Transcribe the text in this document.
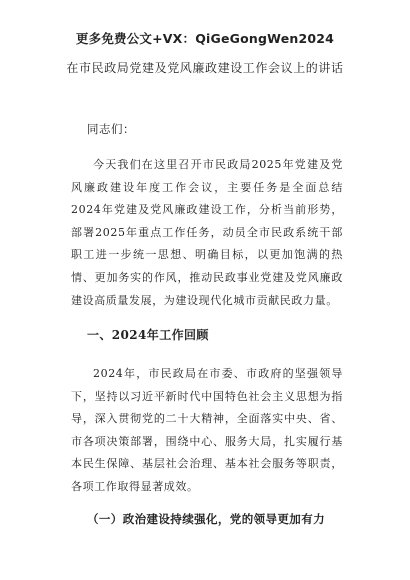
更多免费公文+VX：QiGeGongWen2024
在市民政局党建及党风廉政建设工作会议上的讲话
同志们：

今天我们在这里召开市民政局2025年党建及党风廉政建设年度工作会议，主要任务是全面总结2024年党建及党风廉政建设工作，分析当前形势，部署2025年重点工作任务，动员全市民政系统干部职工进一步统一思想、明确目标，以更加饱满的热情、更加务实的作风，推动民政事业党建及党风廉政建设高质量发展，为建设现代化城市贡献民政力量。

一、2024年工作回顾

2024年，市民政局在市委、市政府的坚强领导下，坚持以习近平新时代中国特色社会主义思想为指导，深入贯彻党的二十大精神，全面落实中央、省、市各项决策部署，围绕中心、服务大局，扎实履行基本民生保障、基层社会治理、基本社会服务等职责，各项工作取得显著成效。

（一）政治建设持续强化，党的领导更加有力
